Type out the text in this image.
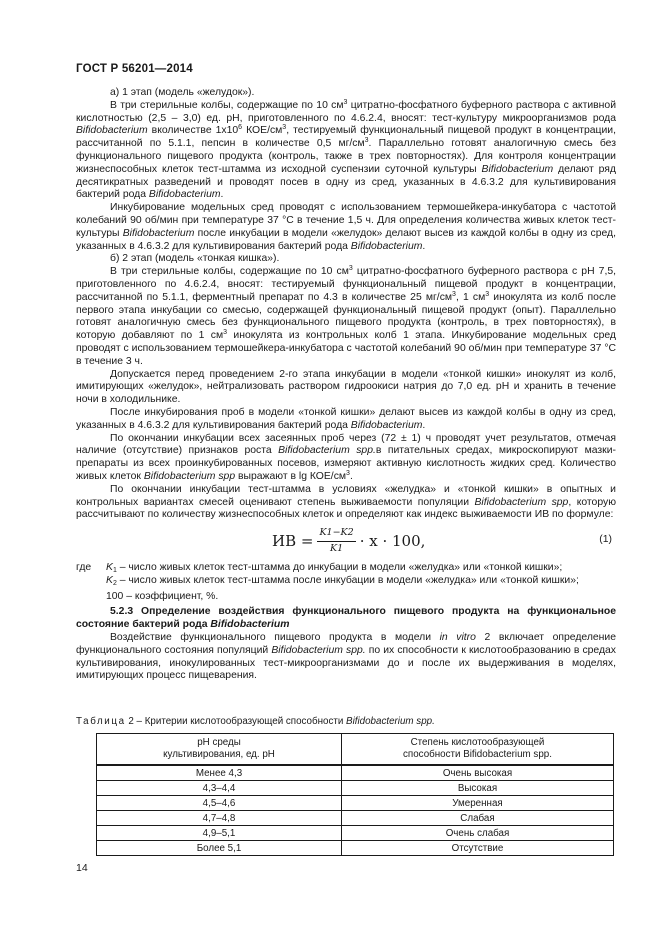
ГОСТ Р 56201—2014

а) 1 этап (модель «желудок»).

В три стерильные колбы, содержащие по 10 $см^3$ цитратно-фосфатного буферного раствора с активной кислотностью (2,5 – 3,0) ед. pH, приготовленного по 4.6.2.4, вносят: тест-культуру микроорганизмов рода Bifidobacterium вколичестве $1х10^6$ КОЕ/$см^3$, тестируемый функциональный пищевой продукт в концентрации, рассчитанной по 5.1.1, пепсин в количестве 0,5 $мг/см^3$. Параллельно готовят аналогичную смесь без функционального пищевого продукта (контроль, также в трех повторностях). Для контроля концентрации жизнеспособных клеток тест-штамма из исходной суспензии суточной культуры Bifidobacterium делают ряд десятикратных разведений и проводят посев в одну из сред, указанных в 4.6.3.2 для культивирования бактерий рода Bifidobacterium.

Инкубирование модельных сред проводят с использованием термошейкера-инкубатора с частотой колебаний 90 об/мин при температуре 37 °С в течение 1,5 ч. Для определения количества живых клеток тест-культуры Bifidobacterium после инкубации в модели «желудок» делают высев из каждой колбы в одну из сред, указанных в 4.6.3.2 для культивирования бактерий рода Bifidobacterium.

б) 2 этап (модель «тонкая кишка»).

В три стерильные колбы, содержащие по 10 $см^3$ цитратно-фосфатного буферного раствора с pH 7,5, приготовленного по 4.6.2.4, вносят: тестируемый функциональный пищевой продукт в концентрации, рассчитанной по 5.1.1, ферментный препарат по 4.3 в количестве 25 $мг/см^3$, 1 $см^3$ инокулята из колб после первого этапа инкубации со смесью, содержащей функциональный пищевой продукт (опыт). Параллельно готовят аналогичную смесь без функционального пищевого продукта (контроль, в трех повторностях), в которую добавляют по 1 $см^3$ инокулята из контрольных колб 1 этапа. Инкубирование модельных сред проводят с использованием термошейкера-инкубатора с частотой колебаний 90 об/мин при температуре 37 °С в течение 3 ч.

Допускается перед проведением 2-го этапа инкубации в модели «тонкой кишки» инокулят из колб, имитирующих «желудок», нейтрализовать раствором гидроокиси натрия до 7,0 ед. pH и хранить в течение ночи в холодильнике.

После инкубирования проб в модели «тонкой кишки» делают высев из каждой колбы в одну из сред, указанных в 4.6.3.2 для культивирования бактерий рода Bifidobacterium.

По окончании инкубации всех засеянных проб через (72 ± 1) ч проводят учет результатов, отмечая наличие (отсутствие) признаков роста Bifidobacterium spp.в питательных средах, микроскопируют мазки-препараты из всех проинкубированных посевов, измеряют активную кислотность жидких сред. Количество живых клеток Bifidobacterium spp выражают в lg КОЕ/$см^3$.

По окончании инкубации тест-штамма в условиях «желудка» и «тонкой кишки» в опытных и контрольных вариантах смесей оценивают степень выживаемости популяции Bifidobacterium spp, которую рассчитывают по количеству жизнеспособных клеток и определяют как индекс выживаемости ИВ по формуле:

ИВ = $\frac{K1-K2}{K1} \cdot x \cdot 100$,	(1)
где	$K_1$ – число живых клеток тест-штамма до инкубации в модели «желудка» или «тонкой кишки»;

$K_2$ – число живых клеток тест-штамма после инкубации в модели «желудка» или «тонкой кишки»;

100 – коэффициент, %.

5.2.3 Определение воздействия функционального пищевого продукта на функциональное состояние бактерий рода Bifidobacterium

Воздействие функционального пищевого продукта в модели in vitro 2 включает определение функционального состояния популяций Bifidobacterium spp. по их способности к кислотообразованию в средах культивирования, инокулированных тест-микроорганизмами до и после их выдерживания в моделях, имитирующих процесс пищеварения.

Таблица 2 – Критерии кислотообразующей способности Bifidobacterium spp.
pH среды
культивирования, ед. pH	Степень кислотообразующей
способности Bifidobacterium spp.
Менее 4,3	Очень высокая
4,3–4,4	Высокая
4,5–4,6	Умеренная
4,7–4,8	Слабая
4,9–5,1	Очень слабая
Более 5,1	Отсутствие
14
